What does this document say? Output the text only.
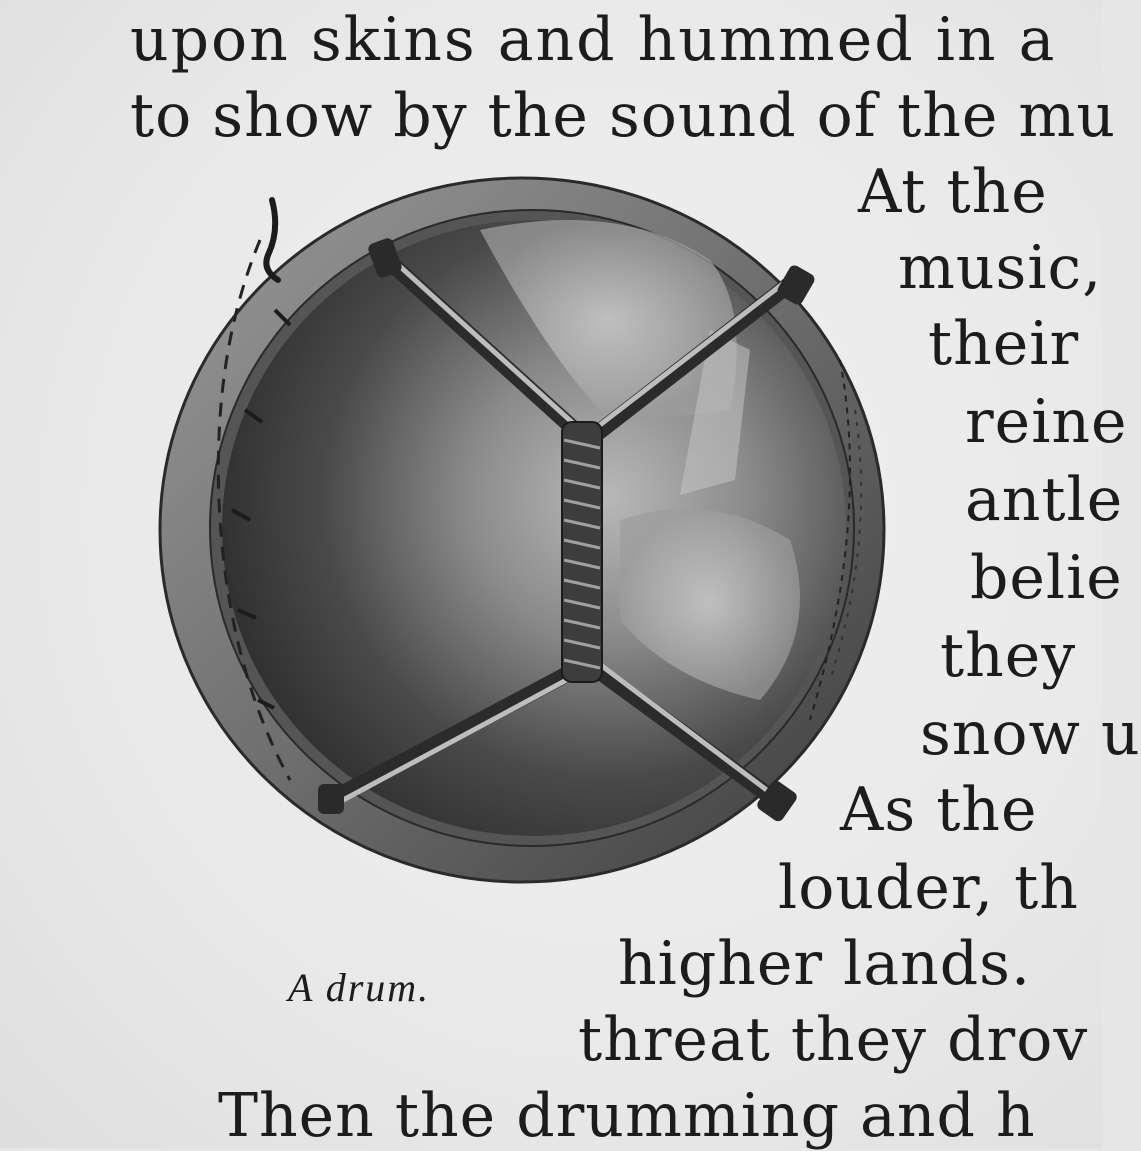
upon skins and hummed in a
to show by the sound of the mu
At the
music,
their
reine
antle
belie
they
snow u
As the
louder, th
higher lands.
threat they drov
Then the drumming and h
A drum.
